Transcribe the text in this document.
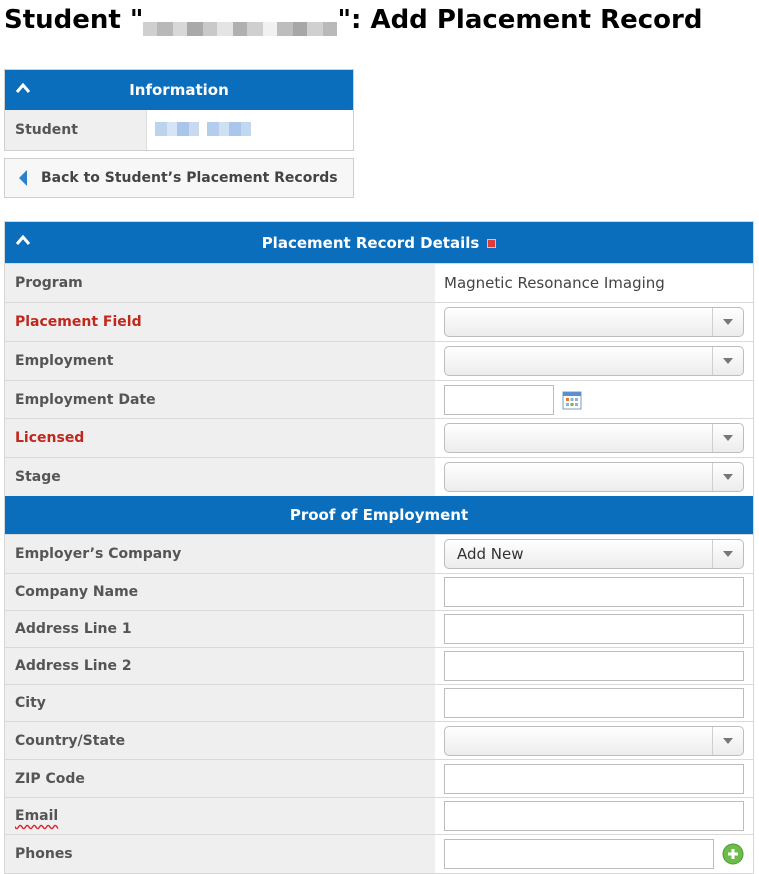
Student "	": Add Placement Record
Information
Student
Back to Student’s Placement Records
Placement Record Details
Program	Magnetic Resonance Imaging
Placement Field
Employment
Employment Date
Licensed
Stage
Proof of Employment
Employer’s Company	Add New
Company Name
Address Line 1
Address Line 2
City
Country/State
ZIP Code
Email
Phones
